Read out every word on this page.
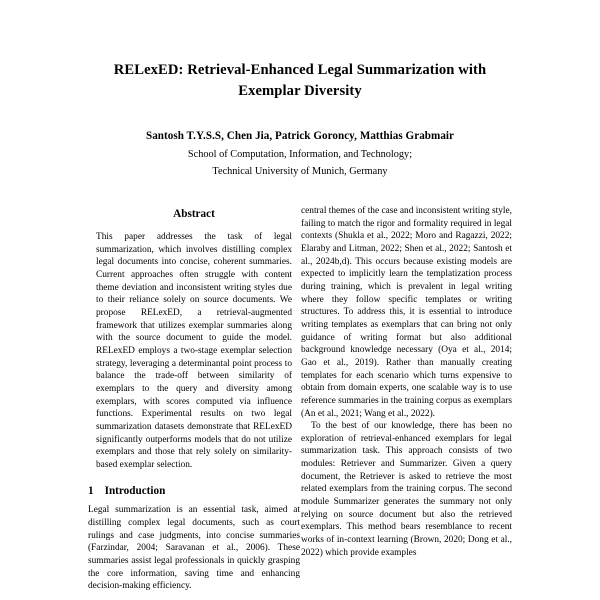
RELexED: Retrieval-Enhanced Legal Summarization with Exemplar Diversity
Santosh T.Y.S.S, Chen Jia, Patrick Goroncy, Matthias Grabmair
School of Computation, Information, and Technology;
Technical University of Munich, Germany
Abstract

This paper addresses the task of legal summarization, which involves distilling complex legal documents into concise, coherent summaries. Current approaches often struggle with content theme deviation and inconsistent writing styles due to their reliance solely on source documents. We propose RELexED, a retrieval-augmented framework that utilizes exemplar summaries along with the source document to guide the model. RELexED employs a two-stage exemplar selection strategy, leveraging a determinantal point process to balance the trade-off between similarity of exemplars to the query and diversity among exemplars, with scores computed via influence functions. Experimental results on two legal summarization datasets demonstrate that RELexED significantly outperforms models that do not utilize exemplars and those that rely solely on similarity-based exemplar selection.

1 Introduction

Legal summarization is an essential task, aimed at distilling complex legal documents, such as court rulings and case judgments, into concise summaries (Farzindar, 2004; Saravanan et al., 2006). These summaries assist legal professionals in quickly grasping the core information, saving time and enhancing decision-making efficiency.

central themes of the case and inconsistent writing style, failing to match the rigor and formality required in legal contexts (Shukla et al., 2022; Moro and Ragazzi, 2022; Elaraby and Litman, 2022; Shen et al., 2022; Santosh et al., 2024b,d). This occurs because existing models are expected to implicitly learn the templatization process during training, which is prevalent in legal writing where they follow specific templates or writing structures. To address this, it is essential to introduce writing templates as exemplars that can bring not only guidance of writing format but also additional background knowledge necessary (Oya et al., 2014; Gao et al., 2019). Rather than manually creating templates for each scenario which turns expensive to obtain from domain experts, one scalable way is to use reference summaries in the training corpus as exemplars (An et al., 2021; Wang et al., 2022).

To the best of our knowledge, there has been no exploration of retrieval-enhanced exemplars for legal summarization task. This approach consists of two modules: Retriever and Summarizer. Given a query document, the Retriever is asked to retrieve the most related exemplars from the training corpus. The second module Summarizer generates the summary not only relying on source document but also the retrieved exemplars. This method bears resemblance to recent works of in-context learning (Brown, 2020; Dong et al., 2022) which provide examples
